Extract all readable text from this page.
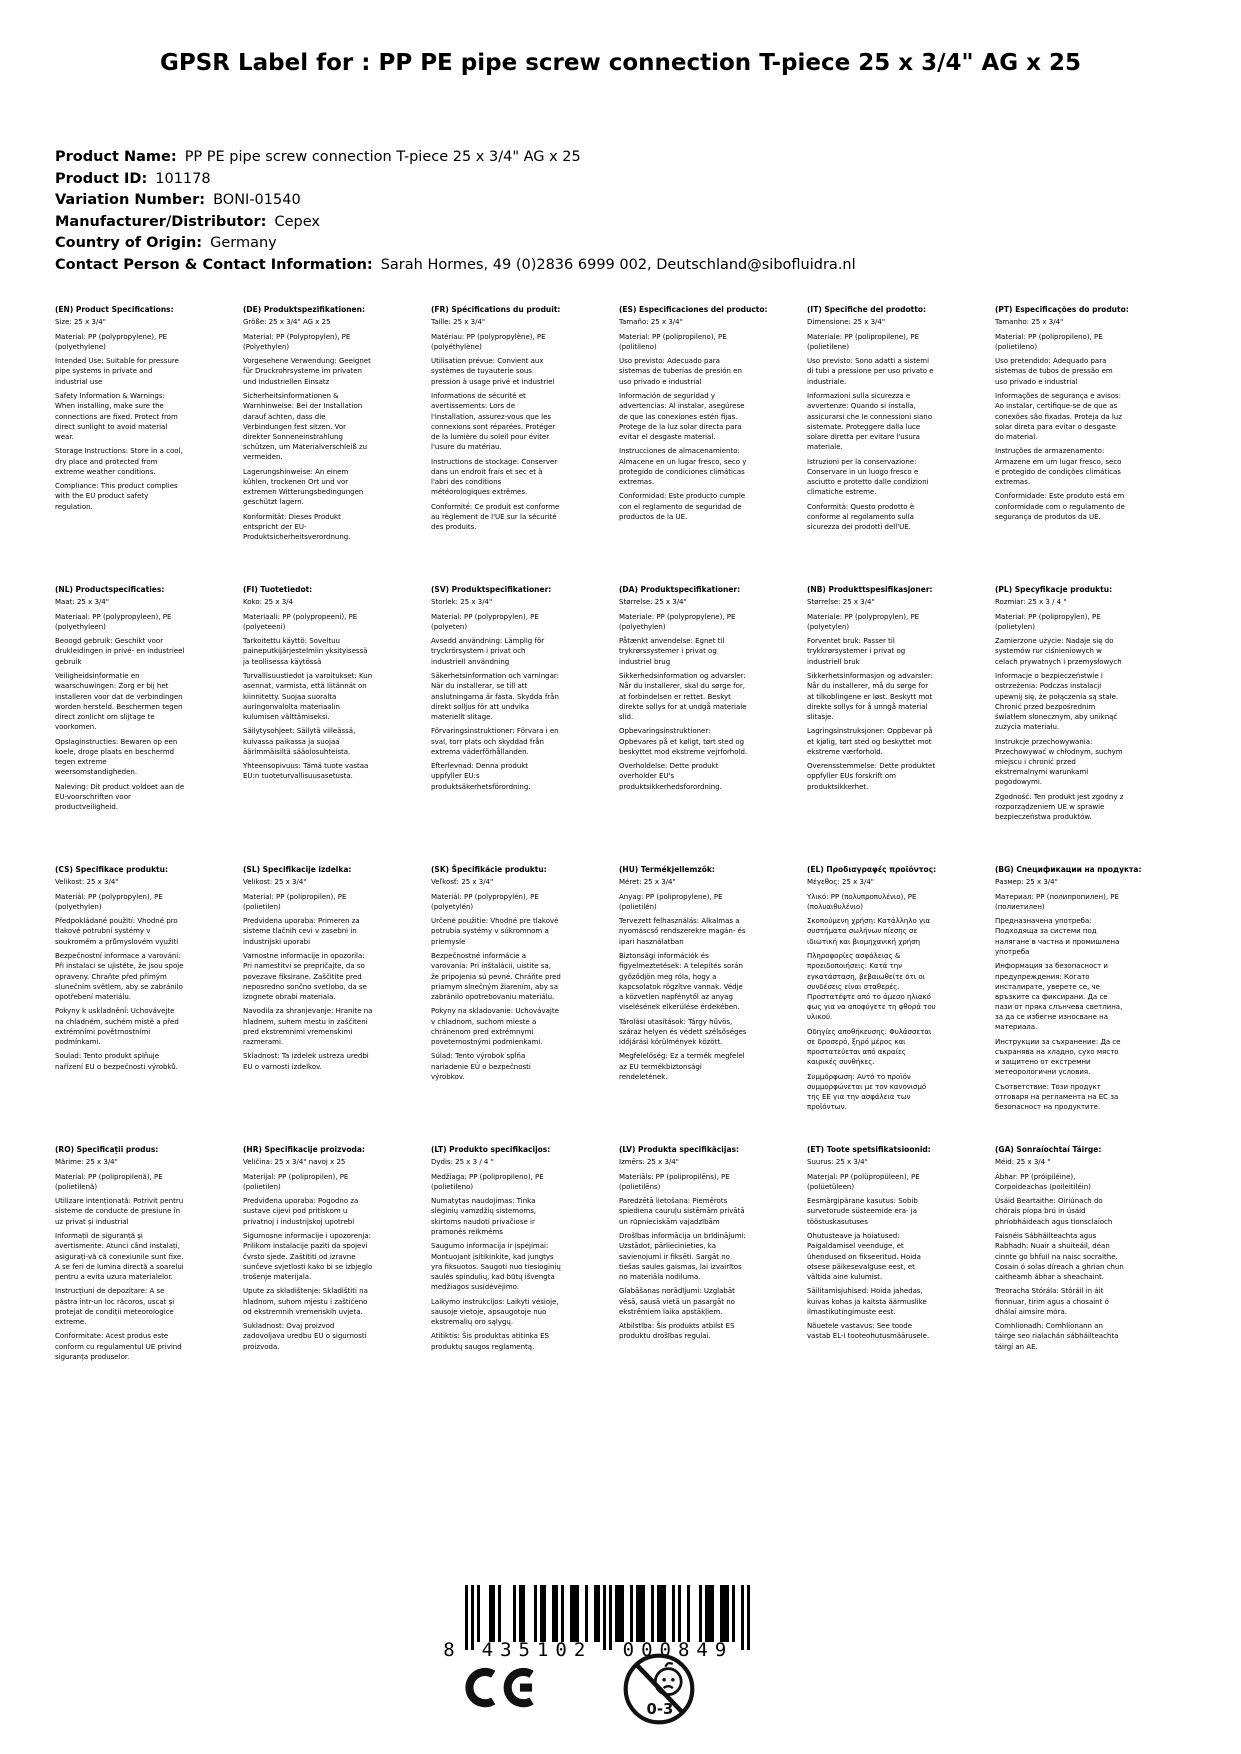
GPSR Label for : PP PE pipe screw connection T-piece 25 x 3/4" AG x 25
Product Name: PP PE pipe screw connection T-piece 25 x 3/4" AG x 25
Product ID: 101178
Variation Number: BONI-01540
Manufacturer/Distributor: Cepex
Country of Origin: Germany
Contact Person & Contact Information: Sarah Hormes, 49 (0)2836 6999 002, Deutschland@sibofluidra.nl
(EN) Product Specifications:

Size: 25 x 3/4"

Material: PP (polypropylene), PE (polyethylene)

Intended Use: Suitable for pressure pipe systems in private and industrial use

Safety Information & Warnings: When installing, make sure the connections are fixed. Protect from direct sunlight to avoid material wear.

Storage Instructions: Store in a cool, dry place and protected from extreme weather conditions.

Compliance: This product complies with the EU product safety regulation.

(DE) Produktspezifikationen:

Größe: 25 x 3/4" AG x 25

Material: PP (Polypropylen), PE (Polyethylen)

Vorgesehene Verwendung: Geeignet für Druckrohrsysteme im privaten und industriellen Einsatz

Sicherheitsinformationen & Warnhinweise: Bei der Installation darauf achten, dass die Verbindungen fest sitzen. Vor direkter Sonneneinstrahlung schützen, um Materialverschleiß zu vermeiden.

Lagerungshinweise: An einem kühlen, trockenen Ort und vor extremen Witterungsbedingungen geschützt lagern.

Konformität: Dieses Produkt entspricht der EU-Produktsicherheitsverordnung.

(FR) Spécifications du produit:

Taille: 25 x 3/4"

Matériau: PP (polypropylène), PE (polyéthylène)

Utilisation prévue: Convient aux systèmes de tuyauterie sous pression à usage privé et industriel

Informations de sécurité et avertissements: Lors de l'installation, assurez-vous que les connexions sont réparées. Protéger de la lumière du soleil pour éviter l'usure du matériau.

Instructions de stockage: Conserver dans un endroit frais et sec et à l'abri des conditions météorologiques extrêmes.

Conformité: Ce produit est conforme au règlement de l'UE sur la sécurité des produits.

(ES) Especificaciones del producto:

Tamaño: 25 x 3/4"

Material: PP (polipropileno), PE (politileno)

Uso previsto: Adecuado para sistemas de tuberías de presión en uso privado e industrial

Información de seguridad y advertencias: Al instalar, asegúrese de que las conexiones estén fijas. Protege de la luz solar directa para evitar el desgaste material.

Instrucciones de almacenamiento: Almacene en un lugar fresco, seco y protegido de condiciones climáticas extremas.

Conformidad: Este producto cumple con el reglamento de seguridad de productos de la UE.

(IT) Specifiche del prodotto:

Dimensione: 25 x 3/4"

Materiale: PP (polipropilene), PE (polietilene)

Uso previsto: Sono adatti a sistemi di tubi a pressione per uso privato e industriale.

Informazioni sulla sicurezza e avvertenze: Quando si installa, assicurarsi che le connessioni siano sistemate. Proteggere dalla luce solare diretta per evitare l'usura materiale.

Istruzioni per la conservazione: Conservare in un luogo fresco e asciutto e protetto dalle condizioni climatiche estreme.

Conformità: Questo prodotto è conforme al regolamento sulla sicurezza dei prodotti dell'UE.

(PT) Especificações do produto:

Tamanho: 25 x 3/4"

Material: PP (polipropileno), PE (polietileno)

Uso pretendido: Adequado para sistemas de tubos de pressão em uso privado e industrial

Informações de segurança e avisos: Ao instalar, certifique-se de que as conexões são fixadas. Proteja da luz solar direta para evitar o desgaste do material.

Instruções de armazenamento: Armazene em um lugar fresco, seco e protegido de condições climáticas extremas.

Conformidade: Este produto está em conformidade com o regulamento de segurança de produtos da UE.

(NL) Productspecificaties:

Maat: 25 x 3/4"

Materiaal: PP (polypropyleen), PE (polyethyleen)

Beoogd gebruik: Geschikt voor drukleidingen in privé- en industrieel gebruik

Veiligheidsinformatie en waarschuwingen: Zorg er bij het installeren voor dat de verbindingen worden hersteld. Beschermen tegen direct zonlicht om slijtage te voorkomen.

Opslaginstructies: Bewaren op een koele, droge plaats en beschermd tegen extreme weersomstandigheden.

Naleving: Dit product voldoet aan de EU-voorschriften voor productveiligheid.

(FI) Tuotetiedot:

Koko: 25 x 3/4

Materiaali: PP (polypropeeni), PE (polyeteeni)

Tarkoitettu käyttö: Soveltuu paineputkijärjestelmiin yksityisessä ja teollisessa käytössä

Turvallisuustiedot ja varoitukset: Kun asennat, varmista, että liitännät on kiinnitetty. Suojaa suoralta auringonvalolta materiaalin kulumisen välttämiseksi.

Säilytysohjeet: Säilytä viileässä, kuivassa paikassa ja suojaa äärimmäisiltä sääolosuhteista.

Yhteensopivuus: Tämä tuote vastaa EU:n tuoteturvallisuusasetusta.

(SV) Produktspecifikationer:

Storlek: 25 x 3/4"

Material: PP (polypropylen), PE (polyeten)

Avsedd användning: Lämplig för tryckrörsystem i privat och industriell användning

Säkerhetsinformation och varningar: När du installerar, se till att anslutningarna är fasta. Skydda från direkt solljus för att undvika materiellt slitage.

Förvaringsinstruktioner: Förvara i en sval, torr plats och skyddad från extrema väderförhållanden.

Efterlevnad: Denna produkt uppfyller EU:s produktsäkerhetsförordning.

(DA) Produktspecifikationer:

Størrelse: 25 x 3/4"

Materiale: PP (polypropylene), PE (polyethylen)

Påtænkt anvendelse: Egnet til trykrørssystemer i privat og industriel brug

Sikkerhedsinformation og advarsler: Når du installerer, skal du sørge for, at forbindelsen er rettet. Beskyt direkte sollys for at undgå materiale slid.

Opbevaringsinstruktioner: Opbevares på et køligt, tørt sted og beskyttet mod ekstreme vejrforhold.

Overholdelse: Dette produkt overholder EU's produktsikkerhedsforordning.

(NB) Produkttspesifikasjoner:

Størrelse: 25 x 3/4"

Materiale: PP (polypropylen), PE (polyetylen)

Forventet bruk: Passer til trykkrørsystemer i privat og industriell bruk

Sikkerhetsinformasjon og advarsler: Når du installerer, må du sørge for at tilkoblingene er løst. Beskytt mot direkte sollys for å unngå material slitasje.

Lagringsinstruksjoner: Oppbevar på et kjølig, tørt sted og beskyttet mot ekstreme værforhold.

Overensstemmelse: Dette produktet oppfyller EUs forskrift om produktsikkerhet.

(PL) Specyfikacje produktu:

Rozmiar: 25 x 3 / 4 "

Materiał: PP (polipropylen), PE (polietylen)

Zamierzone użycie: Nadaje się do systemów rur ciśnieniowych w celach prywatnych i przemysłowych

Informacje o bezpieczeństwie i ostrzeżenia: Podczas instalacji upewnij się, że połączenia są stałe. Chronić przed bezpośrednim światłem słonecznym, aby uniknąć zużycia materiału.

Instrukcje przechowywania: Przechowywać w chłodnym, suchym miejscu i chronić przed ekstremalnymi warunkami pogodowymi.

Zgodność: Ten produkt jest zgodny z rozporządzeniem UE w sprawie bezpieczeństwa produktów.

(CS) Specifikace produktu:

Velikost: 25 x 3/4"

Materiál: PP (polypropylen), PE (polyethylen)

Předpokládané použití: Vhodné pro tlakové potrubní systémy v soukromém a průmyslovém využití

Bezpečnostní informace a varování: Při instalaci se ujistěte, že jsou spoje opraveny. Chraňte před přímým slunečním světlem, aby se zabránilo opotřebení materiálu.

Pokyny k uskladnění: Uchovávejte na chladném, suchém místě a před extrémními povětrnostními podmínkami.

Soulad: Tento produkt splňuje nařízení EU o bezpečnosti výrobků.

(SL) Specifikacije izdelka:

Velikost: 25 x 3/4"

Material: PP (polipropilen), PE (polietilen)

Predvidena uporaba: Primeren za sisteme tlačnih cevi v zasebni in industrijski uporabi

Varnostne informacije in opozorila: Pri namestitvi se prepričajte, da so povezave fiksirane. Zaščitite pred neposredno sončno svetlobo, da se izognete obrabi materiala.

Navodila za shranjevanje: Hranite na hladnem, suhem mestu in zaščiteni pred ekstremnimi vremenskimi razmerami.

Skladnost: Ta izdelek ustreza uredbi EU o varnosti izdelkov.

(SK) Špecifikácie produktu:

Veľkosť: 25 x 3/4"

Materiál: PP (polypropylén), PE (polyetylén)

Určené použitie: Vhodné pre tlakové potrubia systémy v súkromnom a priemysle

Bezpečnostné informácie a varovania: Pri inštalácii, uistite sa, že pripojenia sú pevné. Chráňte pred priamym slnečným žiarením, aby sa zabránilo opotrebovaniu materiálu.

Pokyny na skladovanie: Uchovávajte v chladnom, suchom mieste a chránenom pred extrémnymi poveternostnými podmienkami.

Súlad: Tento výrobok spĺňa nariadenie EÚ o bezpečnosti výrobkov.

(HU) Termékjellemzők:

Méret: 25 x 3/4"

Anyag: PP (polipropylene), PE (polietilén)

Tervezett felhasználás: Alkalmas a nyomáscső rendszerekre magán- és ipari használatban

Biztonsági információk és figyelmeztetések: A telepítés során győződjön meg róla, hogy a kapcsolatok rögzítve vannak. Védje a közvetlen napfénytől az anyag viselésének elkerülése érdekében.

Tárolási utasítások: Tárgy hűvös, száraz helyen és védett szélsőséges időjárási körülmények között.

Megfelelőség: Ez a termék megfelel az EU termékbiztonsági rendeletének.

(EL) Προδιαγραφές προϊόντος:

Μέγεθος: 25 x 3/4"

Υλικό: PP (πολυπροπυλένιο), PE (πολυαιθυλένιο)

Σκοπούμενη χρήση: Κατάλληλο για συστήματα σωλήνων πίεσης σε ιδιωτική και βιομηχανική χρήση

Πληροφορίες ασφάλειας & προειδοποιήσεις: Κατά την εγκατάσταση, βεβαιωθείτε ότι οι συνδέσεις είναι σταθερές. Προστατέψτε από το άμεσο ηλιακό φως για να αποφύγετε τη φθορά του υλικού.

Οδηγίες αποθήκευσης: Φυλάσσεται σε δροσερό, ξηρό μέρος και προστατεύεται από ακραίες καιρικές συνθήκες.

Συμμόρφωση: Αυτό το προϊόν συμμορφώνεται με τον κανονισμό της ΕΕ για την ασφάλεια των προϊόντων.

(BG) Спецификации на продукта:

Размер: 25 x 3/4"

Материал: PP (полипропилен), PE (полиетилен)

Предназначена употреба: Подходяща за системи под налягане в частна и промишлена употреба

Информация за безопасност и предупреждения: Когато инсталирате, уверете се, че връзките са фиксирани. Да се пази от пряка слънчева светлина, за да се избегне износване на материала.

Инструкции за съхранение: Да се съхранява на хладно, сухо място и защитено от екстремни метеорологични условия.

Съответствие: Този продукт отговаря на регламента на ЕС за безопасност на продуктите.

(RO) Specificații produs:

Mărime: 25 x 3/4"

Material: PP (polipropilenă), PE (polietilenă)

Utilizare intenționată: Potrivit pentru sisteme de conducte de presiune în uz privat și industrial

Informații de siguranță și avertismente: Atunci când instalați, asigurați-vă că conexiunile sunt fixe. A se feri de lumina directă a soarelui pentru a evita uzura materialelor.

Instrucțiuni de depozitare: A se păstra într-un loc răcoros, uscat și protejat de condiții meteorologice extreme.

Conformitate: Acest produs este conform cu regulamentul UE privind siguranța produselor.

(HR) Specifikacije proizvoda:

Veličina: 25 x 3/4" navoj x 25

Materijal: PP (polipropilen), PE (polietilen)

Predviđena uporaba: Pogodno za sustave cijevi pod pritiskom u privatnoj i industrijskoj upotrebi

Sigurnosne informacije i upozorenja: Prilikom instalacije paziti da spojevi čvrsto sjede. Zaštititi od izravne sunčeve svjetlosti kako bi se izbjeglo trošenje materijala.

Upute za skladištenje: Skladištiti na hladnom, suhom mjestu i zaštićeno od ekstremnih vremenskih uvjeta.

Sukladnost: Ovaj proizvod zadovoljava uredbu EU o sigurnosti proizvoda.

(LT) Produkto specifikacijos:

Dydis: 25 x 3 / 4 "

Medžiaga: PP (polipropileno), PE (polietileno)

Numatytas naudojimas: Tinka slėginių vamzdžių sistemoms, skirtoms naudoti privačiose ir pramonės reikmėms

Saugumo informacija ir įspėjimai: Montuojant įsitikinkite, kad jungtys yra fiksuotos. Saugoti nuo tiesioginių saulės spindulių, kad būtų išvengta medžiagos susidėvėjimo.

Laikymo instrukcijos: Laikyti vėsioje, sausoje vietoje, apsaugotoje nuo ekstremalių oro sąlygų.

Atitiktis: Šis produktas atitinka ES produktų saugos reglamentą.

(LV) Produkta specifikācijas:

Izmērs: 25 x 3/4"

Materiāls: PP (polipropilēns), PE (polietilēns)

Paredzētā lietošana: Piemērots spiediena cauruļu sistēmām privātā un rūpnieciskām vajadzībām

Drošības informācija un brīdinājumi: Uzstādot, pārliecinieties, ka savienojumi ir fiksēti. Sargāt no tiešas saules gaismas, lai izvairītos no materiāla nodiluma.

Glabāšanas norādījumi: Uzglabāt vēsā, sausā vietā un pasargāt no ekstrēmiem laika apstākļiem.

Atbilstība: Šis produkts atbilst ES produktu drošības regulai.

(ET) Toote spetsifikatsioonid:

Suurus: 25 x 3/4"

Materjal: PP (polüpropüleen), PE (polüetüleen)

Eesmärgipärane kasutus: Sobib survetorude süsteemide era- ja tööstuskasutuses

Ohutusteave ja hoiatused: Paigaldamisel veenduge, et ühendused on fikseeritud. Hoida otsese päikesevalguse eest, et vältida aine kulumist.

Säilitamisjuhised: Hoida jahedas, kuivas kohas ja kaitsta äärmuslike ilmastikutingimuste eest.

Nõuetele vastavus: See toode vastab EL-i tooteohutusmäärusele.

(GA) Sonraíochtaí Táirge:

Méid: 25 x 3/4 "

Ábhar: PP (próipiléine), Corpoideachas (poileitiléin)

Úsáid Beartaithe: Oiriúnach do chórais píopa brú in úsáid phríobháideach agus tionsclaíoch

Faisnéis Sábháilteachta agus Rabhadh: Nuair a shuiteáil, déan cinnte go bhfuil na naisc socraithe. Cosain ó solas díreach a ghrian chun caitheamh ábhar a sheachaint.

Treoracha Stórála: Stóráil in áit fionnuar, tirim agus a chosaint ó dhálaí aimsire móra.

Comhlíonadh: Comhlíonann an táirge seo rialachán sábháilteachta táirgí an AE.

8 435102 000849
0-3
